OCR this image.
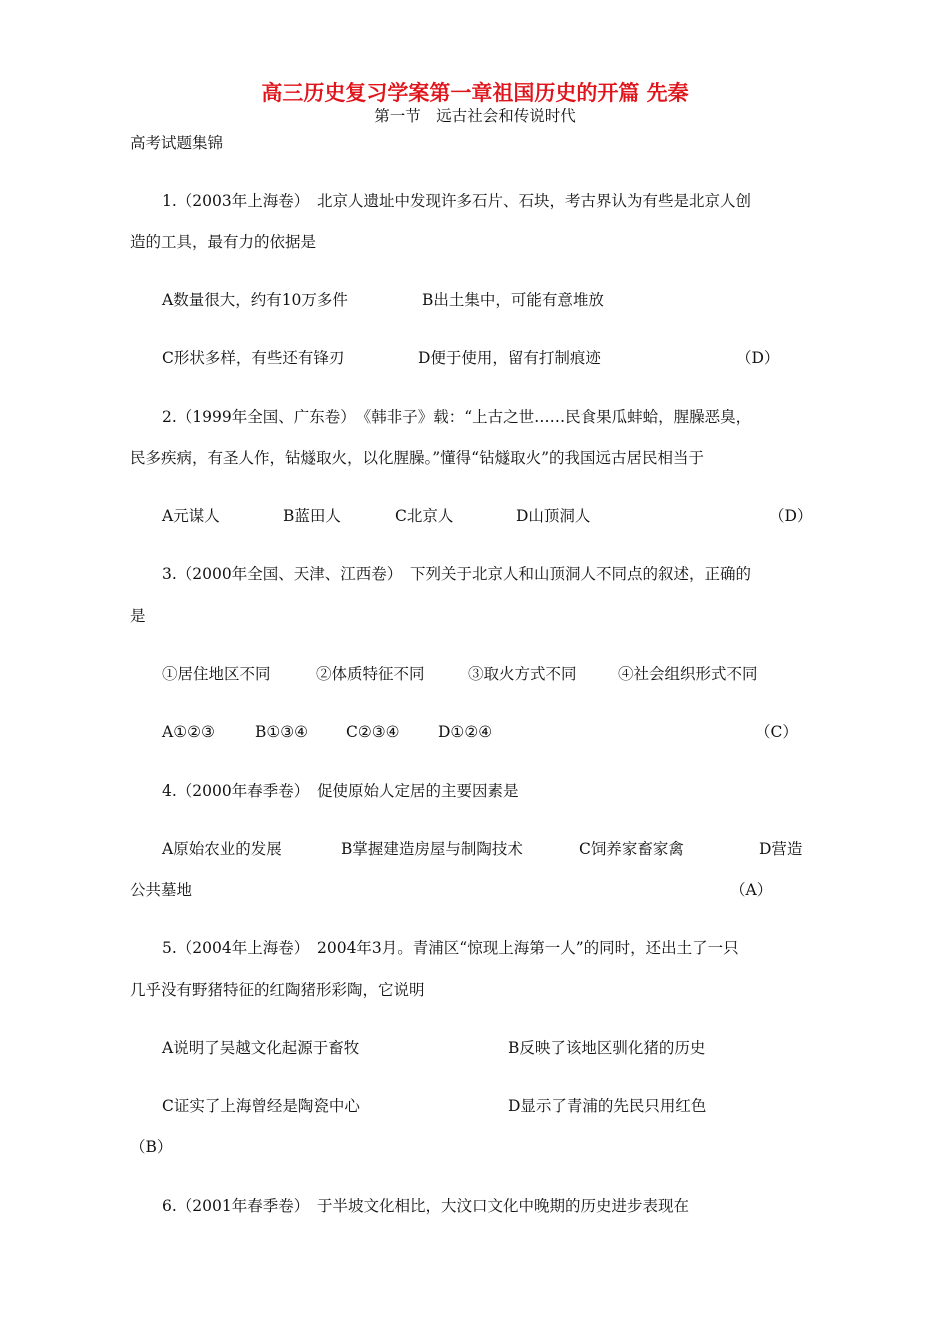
高三历史复习学案第一章祖国历史的开篇 先秦
第一节　远古社会和传说时代
高考试题集锦
1.（2003年上海卷）　北京人遗址中发现许多石片、石块，考古界认为有些是北京人创
造的工具，最有力的依据是
A数量很大，约有10万多件	B出土集中，可能有意堆放
C形状多样，有些还有锋刃	D便于使用，留有打制痕迹	（D）
2.（1999年全国、广东卷）　《韩非子》载：“上古之世……民食果瓜蚌蛤，腥臊恶臭，
民多疾病，有圣人作，钻燧取火，以化腥臊。”懂得“钻燧取火”的我国远古居民相当于
A元谋人	B蓝田人	C北京人	D山顶洞人	（D）
3.（2000年全国、天津、江西卷）　下列关于北京人和山顶洞人不同点的叙述，正确的
是
①居住地区不同	②体质特征不同	③取火方式不同	④社会组织形式不同
A①②③	B①③④ C②③④ D①②④	（C）
4.（2000年春季卷）　促使原始人定居的主要因素是
A原始农业的发展	B掌握建造房屋与制陶技术	C饲养家畜家禽	D营造
公共墓地	（A）
5.（2004年上海卷）　2004年3月。青浦区“惊现上海第一人”的同时，还出土了一只
几乎没有野猪特征的红陶猪形彩陶，它说明
A说明了吴越文化起源于畜牧	B反映了该地区驯化猪的历史
C证实了上海曾经是陶瓷中心	D显示了青浦的先民只用红色
（B）
6.（2001年春季卷）　于半坡文化相比，大汶口文化中晚期的历史进步表现在
